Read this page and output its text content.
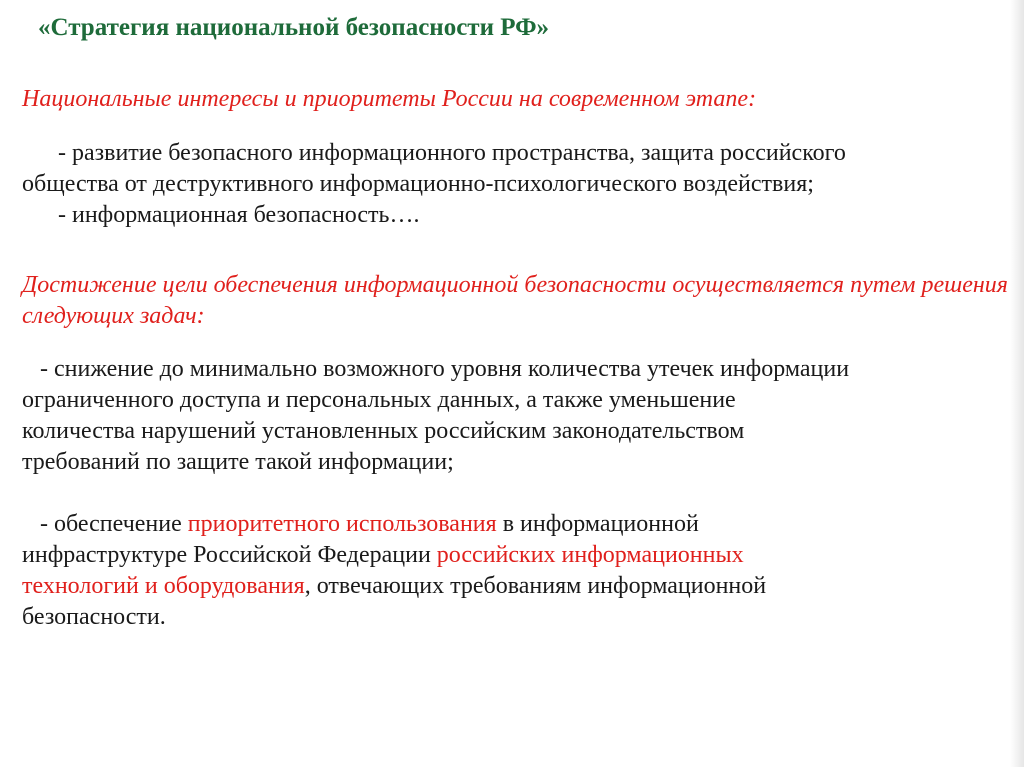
«Стратегия национальной безопасности РФ»
Национальные интересы и приоритеты России на современном этапе:
- развитие безопасного информационного пространства, защита российского
общества от деструктивного информационно-психологического воздействия;
- информационная безопасность….
Достижение цели обеспечения информационной безопасности осуществляется путем решения следующих задач:
- снижение до минимально возможного уровня количества утечек информации
ограниченного доступа и персональных данных, а также уменьшение
количества нарушений установленных российским законодательством
требований по защите такой информации;
- обеспечение приоритетного использования в информационной
инфраструктуре Российской Федерации российских информационных
технологий и оборудования, отвечающих требованиям информационной
безопасности.
